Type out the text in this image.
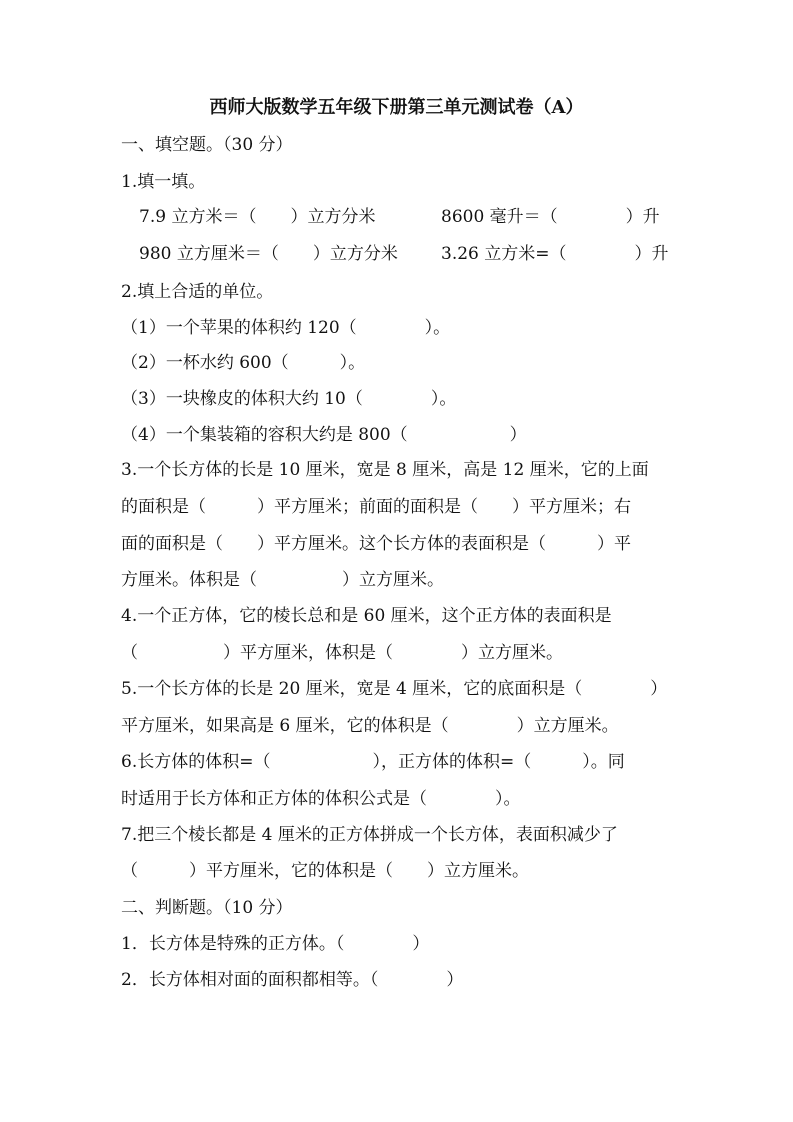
西师大版数学五年级下册第三单元测试卷（A）
一、填空题。（30 分）
1.填一填。
7.9 立方米＝（　　）立方分米	8600 毫升＝（　　　　）升
980 立方厘米＝（　　）立方分米	3.26 立方米=（　　　　）升
2.填上合适的单位。
（1）一个苹果的体积约 120（　　　　）。
（2）一杯水约 600（　　　）。
（3）一块橡皮的体积大约 10（　　　　）。
（4）一个集装箱的容积大约是 800（　　　　　　）
3.一个长方体的长是 10 厘米，宽是 8 厘米，高是 12 厘米，它的上面
的面积是（　　　）平方厘米；前面的面积是（　　）平方厘米；右
面的面积是（　　）平方厘米。这个长方体的表面积是（　　　）平
方厘米。体积是（　　　　　）立方厘米。
4.一个正方体，它的棱长总和是 60 厘米，这个正方体的表面积是
（　　　　　）平方厘米，体积是（　　　　）立方厘米。
5.一个长方体的长是 20 厘米，宽是 4 厘米，它的底面积是（　　　　）
平方厘米，如果高是 6 厘米，它的体积是（　　　　）立方厘米。
6.长方体的体积=（　　　　　　），正方体的体积=（　　　）。同
时适用于长方体和正方体的体积公式是（　　　　）。
7.把三个棱长都是 4 厘米的正方体拼成一个长方体，表面积减少了
（　　　）平方厘米，它的体积是（　　）立方厘米。
二、判断题。（10 分）
1．长方体是特殊的正方体。（　　　　）
2．长方体相对面的面积都相等。（　　　　）
